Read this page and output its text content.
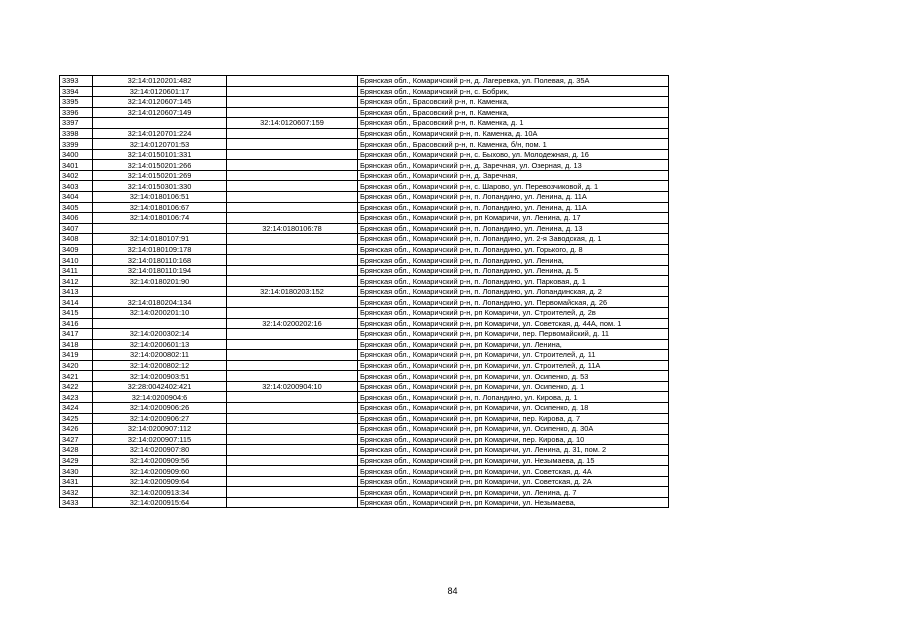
3393	32:14:0120201:482		Брянская обл., Комаричский р-н, д. Лагеревка, ул. Полевая, д. 35А
3394	32:14:0120601:17		Брянская обл., Комаричский р-н, с. Бобрик,
3395	32:14:0120607:145		Брянская обл., Брасовский р-н, п. Каменка,
3396	32:14:0120607:149		Брянская обл., Брасовский р-н, п. Каменка,
3397		32:14:0120607:159	Брянская обл., Брасовский р-н, п. Каменка, д. 1
3398	32:14:0120701:224		Брянская обл., Комаричский р-н, п. Каменка, д. 10А
3399	32:14:0120701:53		Брянская обл., Брасовский р-н, п. Каменка, б/н, пом. 1
3400	32:14:0150101:331		Брянская обл., Комаричский р-н, с. Быхово, ул. Молодежная, д. 16
3401	32:14:0150201:266		Брянская обл., Комаричский р-н, д. Заречная, ул. Озерная, д. 13
3402	32:14:0150201:269		Брянская обл., Комаричский р-н, д. Заречная,
3403	32:14:0150301:330		Брянская обл., Комаричский р-н, с. Шарово, ул. Перевозчиковой, д. 1
3404	32:14:0180106:51		Брянская обл., Комаричский р-н, п. Лопандино, ул. Ленина, д. 11А
3405	32:14:0180106:67		Брянская обл., Комаричский р-н, п. Лопандино, ул. Ленина, д. 11А
3406	32:14:0180106:74		Брянская обл., Комаричский р-н, рп Комаричи, ул. Ленина, д. 17
3407		32:14:0180106:78	Брянская обл., Комаричский р-н, п. Лопандино, ул. Ленина, д. 13
3408	32:14:0180107:91		Брянская обл., Комаричский р-н, п. Лопандино, ул. 2-я Заводская, д. 1
3409	32:14:0180109:178		Брянская обл., Комаричский р-н, п. Лопандино, ул. Горького, д. 8
3410	32:14:0180110:168		Брянская обл., Комаричский р-н, п. Лопандино, ул. Ленина,
3411	32:14:0180110:194		Брянская обл., Комаричский р-н, п. Лопандино, ул. Ленина, д. 5
3412	32:14:0180201:90		Брянская обл., Комаричский р-н, п. Лопандино, ул. Парковая, д. 1
3413		32:14:0180203:152	Брянская обл., Комаричский р-н, п. Лопандино, ул. Лопандинская, д. 2
3414	32:14:0180204:134		Брянская обл., Комаричский р-н, п. Лопандино, ул. Первомайская, д. 26
3415	32:14:0200201:10		Брянская обл., Комаричский р-н, рп Комаричи, ул. Строителей, д. 2в
3416		32:14:0200202:16	Брянская обл., Комаричский р-н, рп Комаричи, ул. Советская, д. 44А, пом. 1
3417	32:14:0200302:14		Брянская обл., Комаричский р-н, рп Комаричи, пер. Первомайский, д. 11
3418	32:14:0200601:13		Брянская обл., Комаричский р-н, рп Комаричи, ул. Ленина,
3419	32:14:0200802:11		Брянская обл., Комаричский р-н, рп Комаричи, ул. Строителей, д. 11
3420	32:14:0200802:12		Брянская обл., Комаричский р-н, рп Комаричи, ул. Строителей, д. 11А
3421	32:14:0200903:51		Брянская обл., Комаричский р-н, рп Комаричи, ул. Осипенко, д. 53
3422	32:28:0042402:421	32:14:0200904:10	Брянская обл., Комаричский р-н, рп Комаричи, ул. Осипенко, д. 1
3423	32:14:0200904:6		Брянская обл., Комаричский р-н, п. Лопандино, ул. Кирова, д. 1
3424	32:14:0200906:26		Брянская обл., Комаричский р-н, рп Комаричи, ул. Осипенко, д. 18
3425	32:14:0200906:27		Брянская обл., Комаричский р-н, рп Комаричи, пер. Кирова, д. 7
3426	32:14:0200907:112		Брянская обл., Комаричский р-н, рп Комаричи, ул. Осипенко, д. 30А
3427	32:14:0200907:115		Брянская обл., Комаричский р-н, рп Комаричи, пер. Кирова, д. 10
3428	32:14:0200907:80		Брянская обл., Комаричский р-н, рп Комаричи, ул. Ленина, д. 31, пом. 2
3429	32:14:0200909:56		Брянская обл., Комаричский р-н, рп Комаричи, ул. Незымаева, д. 15
3430	32:14:0200909:60		Брянская обл., Комаричский р-н, рп Комаричи, ул. Советская, д. 4А
3431	32:14:0200909:64		Брянская обл., Комаричский р-н, рп Комаричи, ул. Советская, д. 2А
3432	32:14:0200913:34		Брянская обл., Комаричский р-н, рп Комаричи, ул. Ленина, д. 7
3433	32:14:0200915:64		Брянская обл., Комаричский р-н, рп Комаричи, ул. Незымаева,
84
